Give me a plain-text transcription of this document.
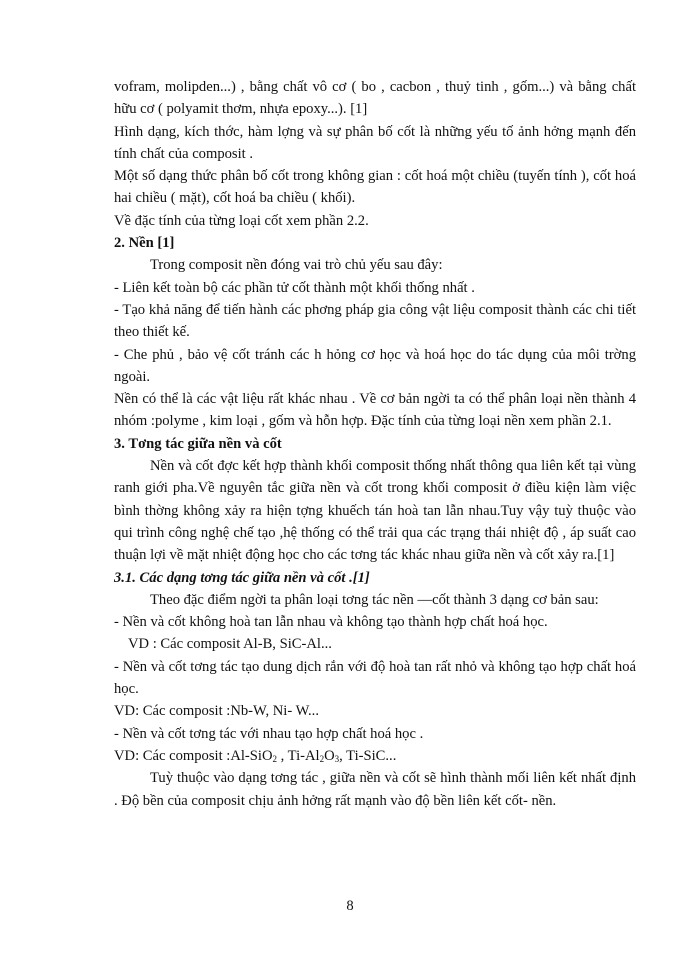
vofram, molipden...) , bằng chất vô cơ ( bo , cacbon , thuỷ tinh , gốm...) và bằng chất hữu cơ ( polyamit thơm, nhựa epoxy...). [1]

Hình dạng, kích thớc, hàm lợng và sự phân bố cốt là những yếu tố ảnh hởng mạnh đến tính chất của composit .

Một số dạng thức phân bố cốt trong không gian : cốt hoá một chiều (tuyến tính ), cốt hoá hai chiều ( mặt), cốt hoá ba chiều ( khối).

Về đặc tính của từng loại cốt xem phần 2.2.

2. Nền [1]

Trong composit nền đóng vai trò chủ yếu sau đây:

- Liên kết toàn bộ các phần tử cốt thành một khối thống nhất .

- Tạo khả năng để tiến hành các phơng pháp gia công vật liệu composit thành các chi tiết theo thiết kế.

- Che phủ , bảo vệ cốt tránh các h hỏng cơ học và hoá học do tác dụng của môi trờng ngoài.

Nền có thể là các vật liệu rất khác nhau . Về cơ bản ngời ta có thể phân loại nền thành 4 nhóm :polyme , kim loại , gốm và hỗn hợp. Đặc tính của từng loại nền xem phần 2.1.

3. Tơng tác giữa nền và cốt

Nền và cốt đợc kết hợp thành khối composit thống nhất thông qua liên kết tại vùng ranh giới pha.Về nguyên tắc giữa nền và cốt trong khối composit ở điều kiện làm việc bình thờng không xảy ra hiện tợng khuếch tán hoà tan lẫn nhau.Tuy vậy tuỳ thuộc vào qui trình công nghệ chế tạo ,hệ thống có thể trải qua các trạng thái nhiệt độ , áp suất cao thuận lợi về mặt nhiệt động học cho các tơng tác khác nhau giữa nền và cốt xảy ra.[1]

3.1. Các dạng tơng tác giữa nền và cốt .[1]

Theo đặc điểm ngời ta phân loại tơng tác nền —cốt thành 3 dạng cơ bản sau:

- Nền và cốt không hoà tan lẫn nhau và không tạo thành hợp chất hoá học.

VD : Các composit Al-B, SiC-Al...

- Nền và cốt tơng tác tạo dung dịch rắn với độ hoà tan rất nhỏ và không tạo hợp chất hoá học.

VD: Các composit :Nb-W, Ni- W...

- Nền và cốt tơng tác với nhau tạo hợp chất hoá học .

VD: Các composit :Al-SiO$_2$ , $Ti-Al_2O_3$, Ti-SiC...

Tuỳ thuộc vào dạng tơng tác , giữa nền và cốt sẽ hình thành mối liên kết nhất định . Độ bền của composit chịu ảnh hởng rất mạnh vào độ bền liên kết cốt- nền.

8
